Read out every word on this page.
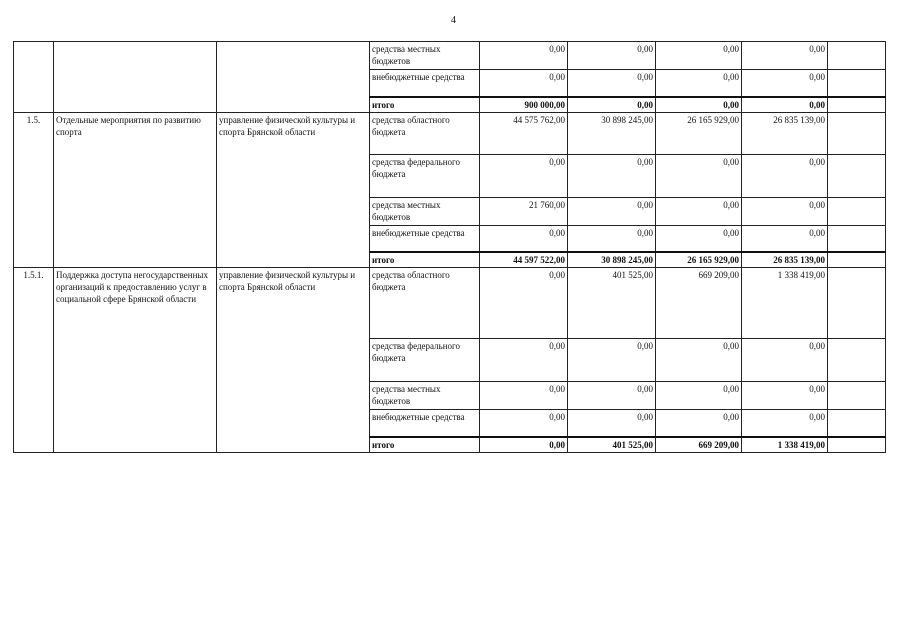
4
			средства местных бюджетов	0,00	0,00	0,00	0,00	
			внебюджетные средства	0,00	0,00	0,00	0,00	
			итого	900 000,00	0,00	0,00	0,00	
1.5.	Отдельные мероприятия по развитию спорта	управление физической культуры и спорта Брянской области	средства областного бюджета	44 575 762,00	30 898 245,00	26 165 929,00	26 835 139,00	
			средства федерального бюджета	0,00	0,00	0,00	0,00	
			средства местных бюджетов	21 760,00	0,00	0,00	0,00	
			внебюджетные средства	0,00	0,00	0,00	0,00	
			итого	44 597 522,00	30 898 245,00	26 165 929,00	26 835 139,00	
1.5.1.	Поддержка доступа негосударственных организаций к предоставлению услуг в социальной сфере Брянской области	управление физической культуры и спорта Брянской области	средства областного бюджета	0,00	401 525,00	669 209,00	1 338 419,00	
			средства федерального бюджета	0,00	0,00	0,00	0,00	
			средства местных бюджетов	0,00	0,00	0,00	0,00	
			внебюджетные средства	0,00	0,00	0,00	0,00	
			итого	0,00	401 525,00	669 209,00	1 338 419,00	
